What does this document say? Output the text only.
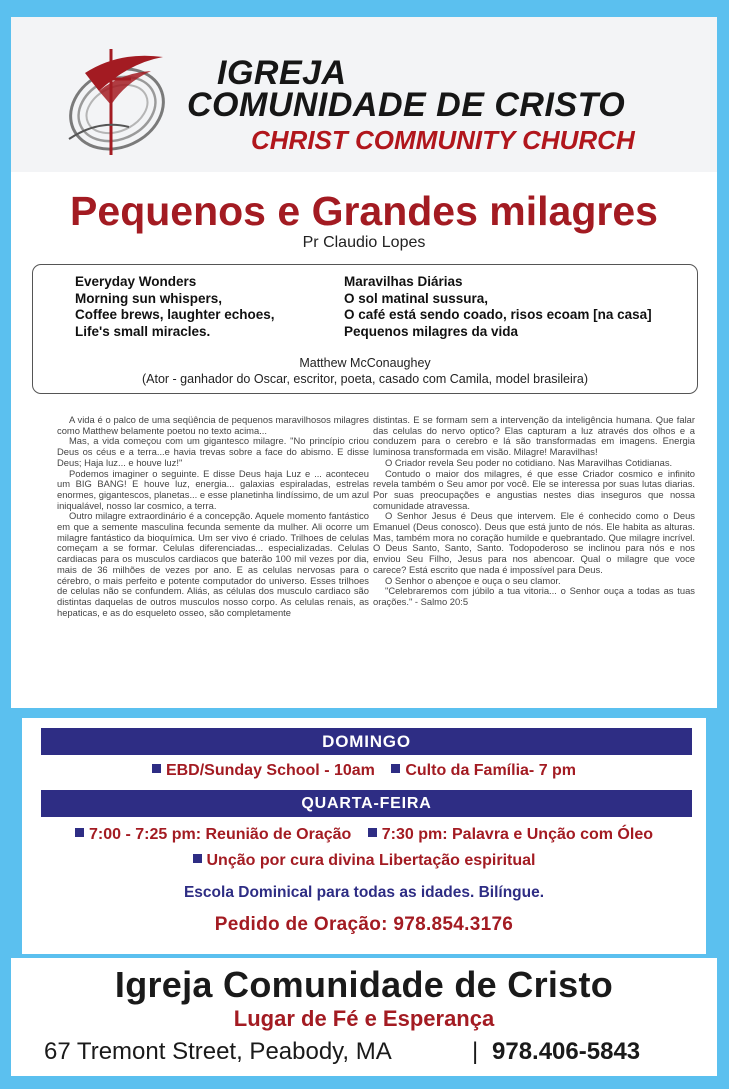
IGREJA
COMUNIDADE DE CRISTO
CHRIST COMMUNITY CHURCH
Pequenos e Grandes milagres
Pr Claudio Lopes
Everyday Wonders
Morning sun whispers,
Coffee brews, laughter echoes,
Life's small miracles.
Maravilhas Diárias
O sol matinal sussura,
O café está sendo coado, risos ecoam [na casa]
Pequenos milagres da vida
Matthew McConaughey
(Ator - ganhador do Oscar, escritor, poeta, casado com Camila, model brasileira)

A vida é o palco de uma seqüência de pequenos maravilhosos milagres como Matthew belamente poetou no texto acima...

Mas, a vida começou com um gigantesco milagre. "No princípio criou Deus os céus e a terra...e havia trevas sobre a face do abismo. E disse Deus; Haja luz... e houve luz!"

Podemos imaginer o seguinte. E disse Deus haja Luz e ... aconteceu um BIG BANG! E houve luz, energia... galaxias espiraladas, estrelas enormes, gigantescos, planetas... e esse planetinha lindíssimo, de um azul iniqualável, nosso lar cosmico, a terra.

Outro milagre extraordinário é a concepção. Aquele momento fantástico em que a semente masculina fecunda semente da mulher. Ali ocorre um milagre fantástico da bioquímica. Um ser vivo é criado. Trilhoes de celulas começam a se formar. Celulas diferenciadas... especializadas. Celulas cardiacas para os musculos cardiacos que baterão 100 mil vezes por dia, mais de 36 milhões de vezes por ano. E as celulas nervosas para o cérebro, o mais perfeito e potente computador do universo. Esses trilhoes de celulas não se confundem. Aliás, as células dos musculo cardiaco são distintas daquelas de outros musculos nosso corpo. As celulas renais, as hepaticas, e as do esqueleto osseo, são completamente

distintas. E se formam sem a intervenção da inteligência humana. Que falar das celulas do nervo optico? Elas capturam a luz através dos olhos e a conduzem para o cerebro e lá são transformadas em imagens. Energia luminosa transformada em visão. Milagre! Maravilhas!

O Criador revela Seu poder no cotidiano. Nas Maravilhas Cotidianas.

Contudo o maior dos milagres, é que esse Criador cosmico e infinito revela também o Seu amor por você. Ele se interessa por suas lutas diarias. Por suas preocupações e angustias nestes dias inseguros que nossa comunidade atravessa.

O Senhor Jesus é Deus que intervem. Ele é conhecido como o Deus Emanuel (Deus conosco). Deus que está junto de nós. Ele habita as alturas. Mas, também mora no coração humilde e quebrantado. Que milagre incrível. O Deus Santo, Santo, Santo. Todopoderoso se inclinou para nós e nos enviou Seu Filho, Jesus para nos abencoar. Qual o milagre que voce carece? Está escrito que nada é impossível para Deus.

O Senhor o abençoe e ouça o seu clamor.

"Celebraremos com júbilo a tua vitoria... o Senhor ouça a todas as tuas orações." - Salmo 20:5

DOMINGO
EBD/Sunday School - 10am Culto da Família- 7 pm
QUARTA-FEIRA
7:00 - 7:25 pm: Reunião de Oração 7:30 pm: Palavra e Unção com Óleo
Unção por cura divina Libertação espiritual
Escola Dominical para todas as idades. Bilíngue.
Pedido de Oração: 978.854.3176
Igreja Comunidade de Cristo
Lugar de Fé e Esperança
67 Tremont Street, Peabody, MA	| 978.406-5843
